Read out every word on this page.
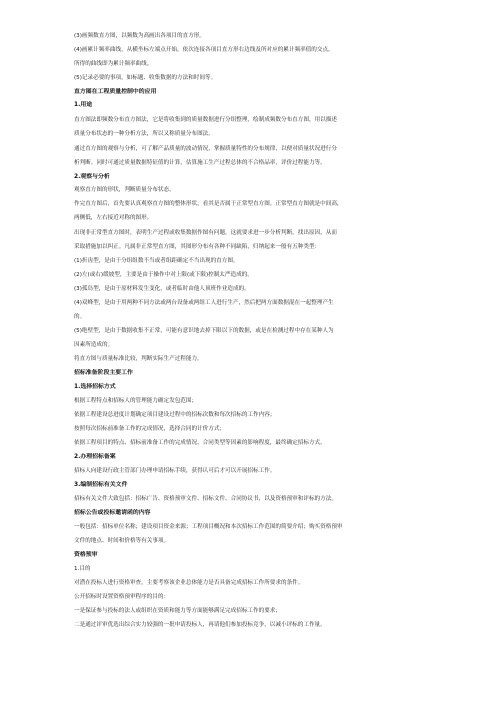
(3)画频数直方图，以频数为高画出各项目的直方形。
(4)画累计频率曲线，从横坐标左端点开始，依次连接各项目直方形右边线及所对应的累计频率值的交点，
所得的曲线即为累计频率曲线。
(5)记录必要的事项，如标题、收集数据的方法和时间等。
直方图在工程质量控制中的应用
1.用途
直方图法即频数分布直方图法，它是将收集到的质量数据进行分组整理，绘制成频数分布直方图，用以描述
质量分布状态的一种分析方法，所以又称质量分布图法。
通过直方图的观察与分析，可了解产品质量的波动情况，掌握质量特性的分布规律，以便对质量状况进行分
析判断。同时可通过质量数据特征值的计算，估算施工生产过程总体的不合格品率，评价过程能力等。
2.观察与分析
观察直方图的形状，判断质量分布状态。
作完直方图后，首先要认真观察直方图的整体形状，看其是否属于正常型直方图。正常型直方图就是中间高，
两侧低，左右接近对称的图形。
出现非正常型直方图时，表明生产过程或收集数据作图有问题。这就要求进一步分析判断，找出原因，从而
采取措施加以纠正。凡属非正常型直方图，其图形分布有各种不同缺陷，归纳起来一般有五种类型：
(1)折齿型，是由于分组组数不当或者组距确定不当出现的直方图。
(2)左(或右)缓坡型，主要是由于操作中对上限(或下限)控制太严造成的。
(3)孤岛型，是由于原材料发生变化，或者临时由他人顶班作业造成的。
(4)双峰型，是由于用两种不同方法或两台设备或两组工人进行生产，然后把两方面数据混在一起整理产生
的。
(5)绝壁型，是由于数据收集不正常，可能有意识地去掉下限以下的数据，或是在检测过程中存在某种人为
因素所造成的。
将直方图与质量标准比较，判断实际生产过程能力。
招标准备阶段主要工作
1.选择招标方式
根据工程特点和招标人的管理能力确定发包范围；
依据工程建设总进度计划确定项目建设过程中的招标次数和每次招标的工作内容；
按照每次招标前准备工作的完成情况，选择合同的计价方式；
依据工程项目的特点、招标前准备工作的完成情况、合同类型等因素的影响程度，最终确定招标方式。
2.办理招标备案
招标人向建设行政主管部门办理申请招标手续，获得认可后才可以开展招标工作。
3.编制招标有关文件
招标有关文件大致包括：招标广告、资格预审文件、招标文件、合同协议书，以及资格预审和评标的方法。
招标公告或投标邀请函的内容
一般包括：招标单位名称；建设项目资金来源；工程项目概况和本次招标工作范围的简要介绍；购买资格预审
文件的地点、时间和价格等有关事项。
资格预审
1.目的
对潜在投标人进行资格审查，主要考察该企业总体能力是否具备完成招标工作所要求的条件。
公开招标时设置资格预审程序的目的：
一是保证参与投标的法人或组织在资质和能力等方面能够满足完成招标工作的要求；
二是通过评审优选出综合实力较强的一批申请投标人，再请他们参加投标竞争，以减小评标的工作量。
